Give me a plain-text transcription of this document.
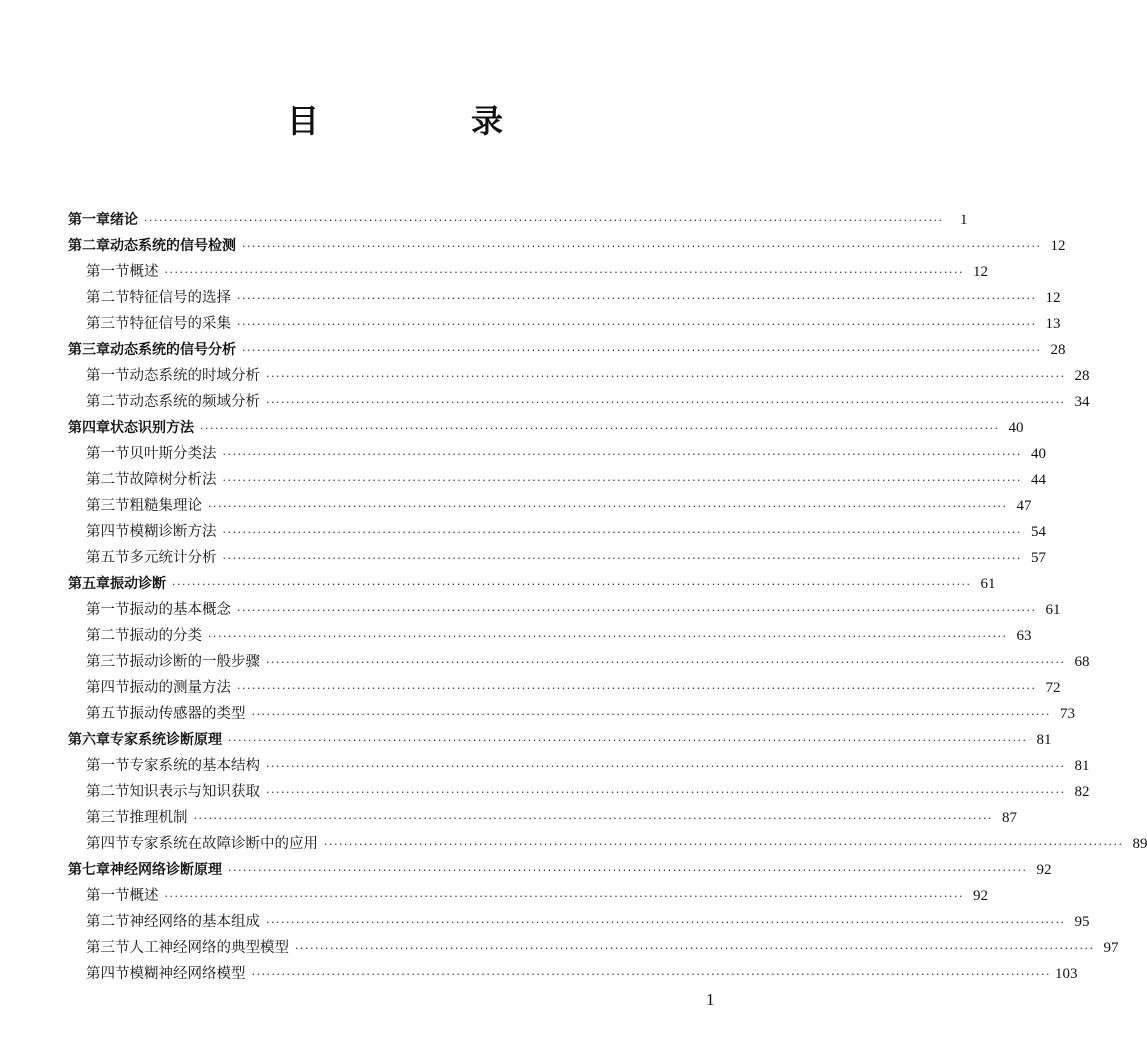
目　录
第一章 绪论 ································································································································································	1
第二章 动态系统的信号检测 ································································································································································ 12
第一节 概述 ································································································································································ 12
第二节 特征信号的选择 ································································································································································ 12
第三节 特征信号的采集 ································································································································································ 13
第三章 动态系统的信号分析 ································································································································································ 28
第一节 动态系统的时域分析 ································································································································································ 28
第二节 动态系统的频域分析 ································································································································································ 34
第四章 状态识别方法 ································································································································································ 40
第一节 贝叶斯分类法 ································································································································································ 40
第二节 故障树分析法 ································································································································································ 44
第三节 粗糙集理论 ································································································································································ 47
第四节 模糊诊断方法 ································································································································································ 54
第五节 多元统计分析 ································································································································································ 57
第五章 振动诊断 ································································································································································ 61
第一节 振动的基本概念 ································································································································································ 61
第二节 振动的分类 ································································································································································ 63
第三节 振动诊断的一般步骤 ································································································································································ 68
第四节 振动的测量方法 ································································································································································ 72
第五节 振动传感器的类型 ································································································································································ 73
第六章 专家系统诊断原理 ································································································································································ 81
第一节 专家系统的基本结构 ································································································································································ 81
第二节 知识表示与知识获取 ································································································································································ 82
第三节 推理机制 ································································································································································ 87
第四节 专家系统在故障诊断中的应用 ································································································································································ 89
第七章 神经网络诊断原理 ································································································································································ 92
第一节 概述 ································································································································································ 92
第二节 神经网络的基本组成 ································································································································································ 95
第三节 人工神经网络的典型模型 ································································································································································ 97
第四节 模糊神经网络模型 ································································································································································ 103
1
